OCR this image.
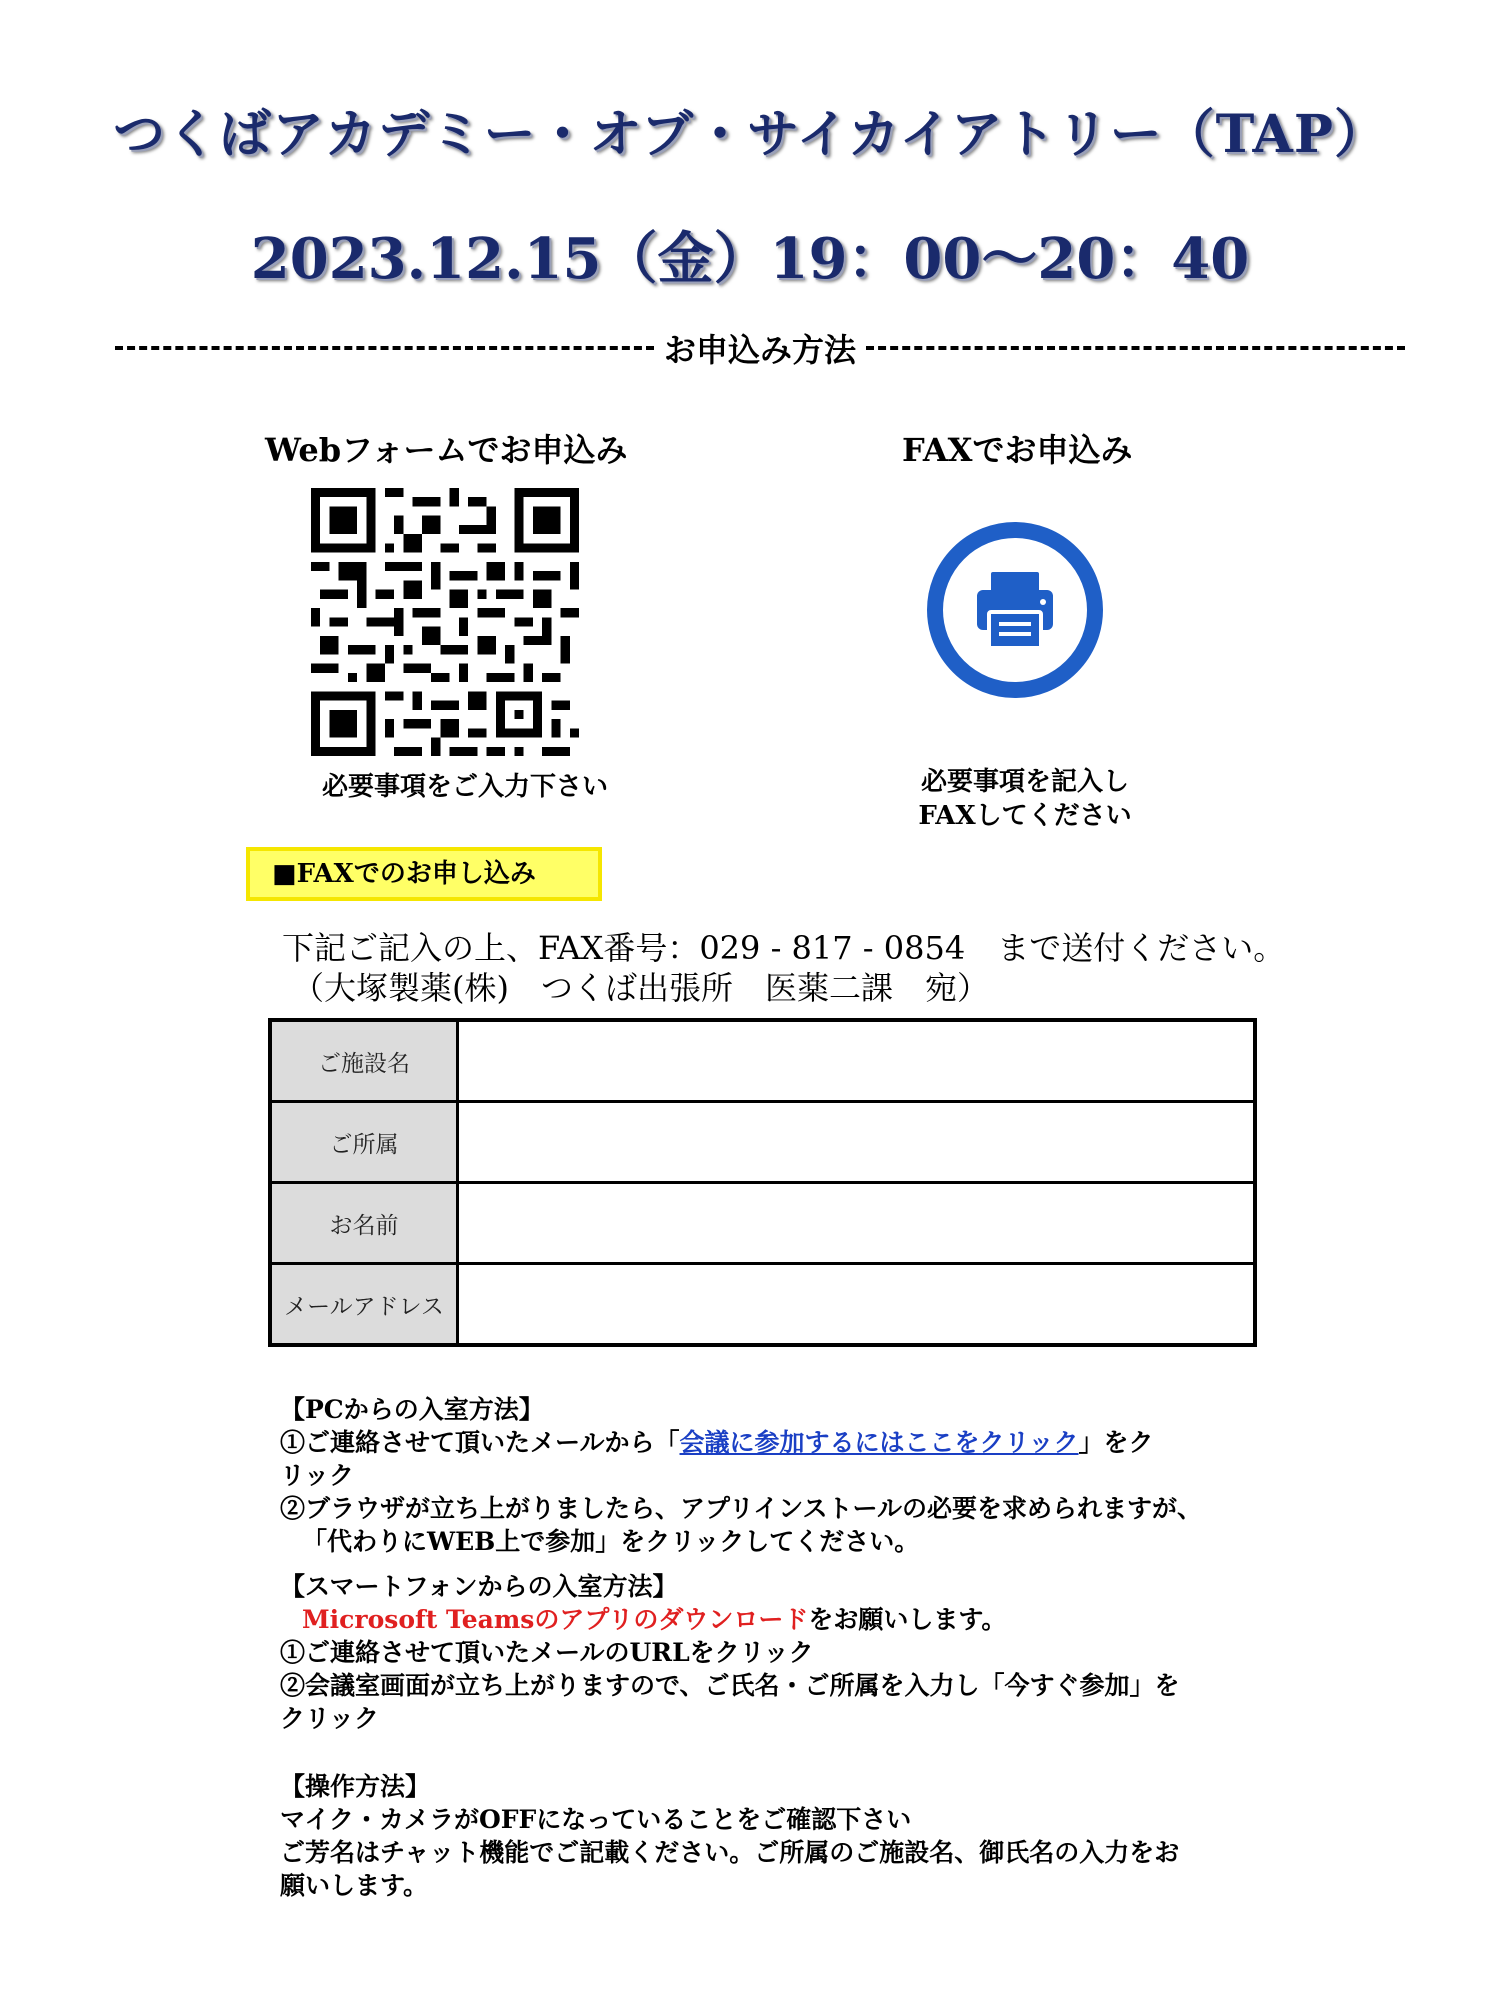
つくばアカデミー・オブ・サイカイアトリー（TAP）
2023.12.15（金）19：00～20：40
お申込み方法
Webフォームでお申込み	FAXでお申込み
必要事項をご入力下さい	必要事項を記入し
FAXしてください
■FAXでのお申し込み
下記ご記入の上、FAX番号：029 - 817 - 0854　まで送付ください。
（大塚製薬(株)　つくば出張所　医薬二課　宛）
ご施設名	
ご所属	
お名前	
メールアドレス	

【PCからの入室方法】

①ご連絡させて頂いたメールから「会議に参加するにはここをクリック」をク

リック

②ブラウザが立ち上がりましたら、アプリインストールの必要を求められますが、

「代わりにWEB上で参加」をクリックしてください。

【スマートフォンからの入室方法】

Microsoft Teamsのアプリのダウンロードをお願いします。

①ご連絡させて頂いたメールのURLをクリック

②会議室画面が立ち上がりますので、ご氏名・ご所属を入力し「今すぐ参加」を

クリック

【操作方法】

マイク・カメラがOFFになっていることをご確認下さい

ご芳名はチャット機能でご記載ください。ご所属のご施設名、御氏名の入力をお

願いします。
